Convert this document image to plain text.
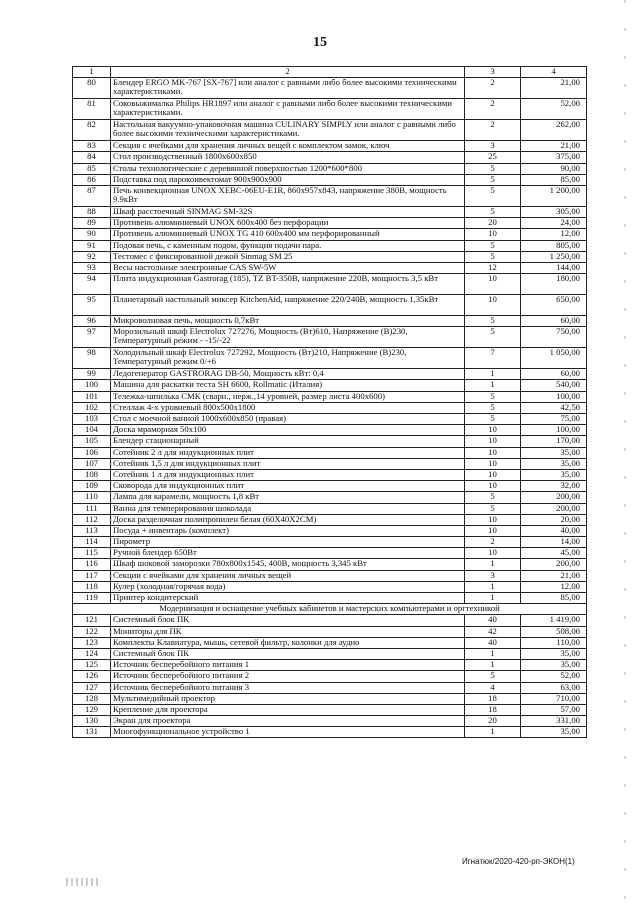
15
1	2	3	4
80	Блендер ERGO MK-767 [SX-767] или аналог с равными либо более высокими техническими характеристиками.	2	21,00
81	Соковыжималка Philips HR1897 или аналог с равными либо более высокими техническими характеристиками.	2	52,00
82	Настольная вакуумно-упаковочная машина CULINARY SIMPLY или аналог с равными либо более высокими техническими характеристиками.	2	262,00
83	Секция с ячейками для хранения личных вещей с комплектом замок, ключ	3	21,00
84	Стол производственный 1800x600x850	25	375,00
85	Столы технологические с деревянной поверхностью 1200*600*800	5	90,00
86	Подставка под пароконвектомат 900x900x900	5	85,00
87	Печь конвекционная UNOX XEBC-06EU-E1R, 860x957x843, напряжение 380В, мощность 9.9кВт	5	1 200,00
88	Шкаф расстоечный SINMAG SM-32S	5	305,00
89	Противень алюминиевый UNOX 600x400 без перфорации	20	24,00
90	Противень алюминиевый UNOX TG 410 600x400 мм перфорированный	10	12,00
91	Подовая печь, с каменным подом, функция подачи пара.	5	805,00
92	Тестомес с фиксированной дежой Sinmag SM 25	5	1 250,00
93	Весы настольные электронные CAS SW-5W	12	144,00
94	Плита индукционная Gastrorag (185), TZ BT-350B, напряжение 220В, мощность 3,5 кВт	10	180,00
95	Планетарный настольный миксер KitchenAid, напряжение 220/240В, мощность 1,35кВт	10	650,00
96	Микроволновая печь, мощность 0,7кВт	5	60,00
97	Морозильный шкаф Electrolux 727276, Мощность (Вт)610, Напряжение (В)230, Температурный режим - -15/-22	5	750,00
98	Холодильный шкаф Electrolux 727292, Мощность (Вт)210, Напряжение (В)230, Температурный режим 0/+6	7	1 050,00
99	Ледогенератор GASTRORAG DB-50, Мощность кВт: 0,4	1	60,00
100	Машина для раскатки теста SH 6600, Rollmatic (Италия)	1	540,00
101	Тележка-шпилька СМК (сварн., нерж.,14 уровней, размер листа 400x600)	5	100,00
102	Стеллаж 4-х уровневый 800x500x1800	5	42,50
103	Стол с моечной ванной 1000x600x850 (правая)	5	75,00
104	Доска мраморная 50x100	10	100,00
105	Блендер стационарный	10	170,00
106	Сотейник 2 л для индукционных плит	10	35,00
107	Сотейник 1,5 л для индукционных плит	10	35,00
108	Сотейник 1 л для индукционных плит	10	35,00
109	Сковорода для индукционных плит	10	32,00
110	Лампа для карамели, мощность 1,8 кВт	5	200,00
111	Ванна для темперирования шоколада	5	200,00
112	Доска разделочная полипропилен белая (60X40X2CM)	10	20,00
113	Посуда + инвентарь (комплект)	10	40,00
114	Пирометр	2	14,00
115	Ручной блендер 650Вт	10	45,00
116	Шкаф шоковой заморозки 780x800x1545, 400В, мощность 3,345 кВт	1	200,00
117	Секции с ячейками для хранения личных вещей	3	21,00
118	Кулер (холодная/горячая вода)	1	12,00
119	Принтер кондитерский	1	85,00
Модернизация и оснащение учебных кабинетов и мастерских компьютерами и оргтехникой			
121	Системный блок ПК	40	1 419,00
122	Мониторы для ПК	42	508,00
123	Комплекты Клавиатура, мышь, сетевой фильтр, колонки для аудио	40	110,00
124	Системный блок ПК	1	35,00
125	Источник бесперебойного питания 1	1	35,00
126	Источник бесперебойного питания 2	5	52,00
127	Источник бесперебойного питания 3	4	63,00
128	Мультимедийный проектор	18	710,00
129	Крепление для проектора	18	57,00
130	Экран для проектора	20	331,00
131	Многофункциональное устройство 1	1	35,00
Игнатюк/2020-420-рп-ЭКОН(1)
